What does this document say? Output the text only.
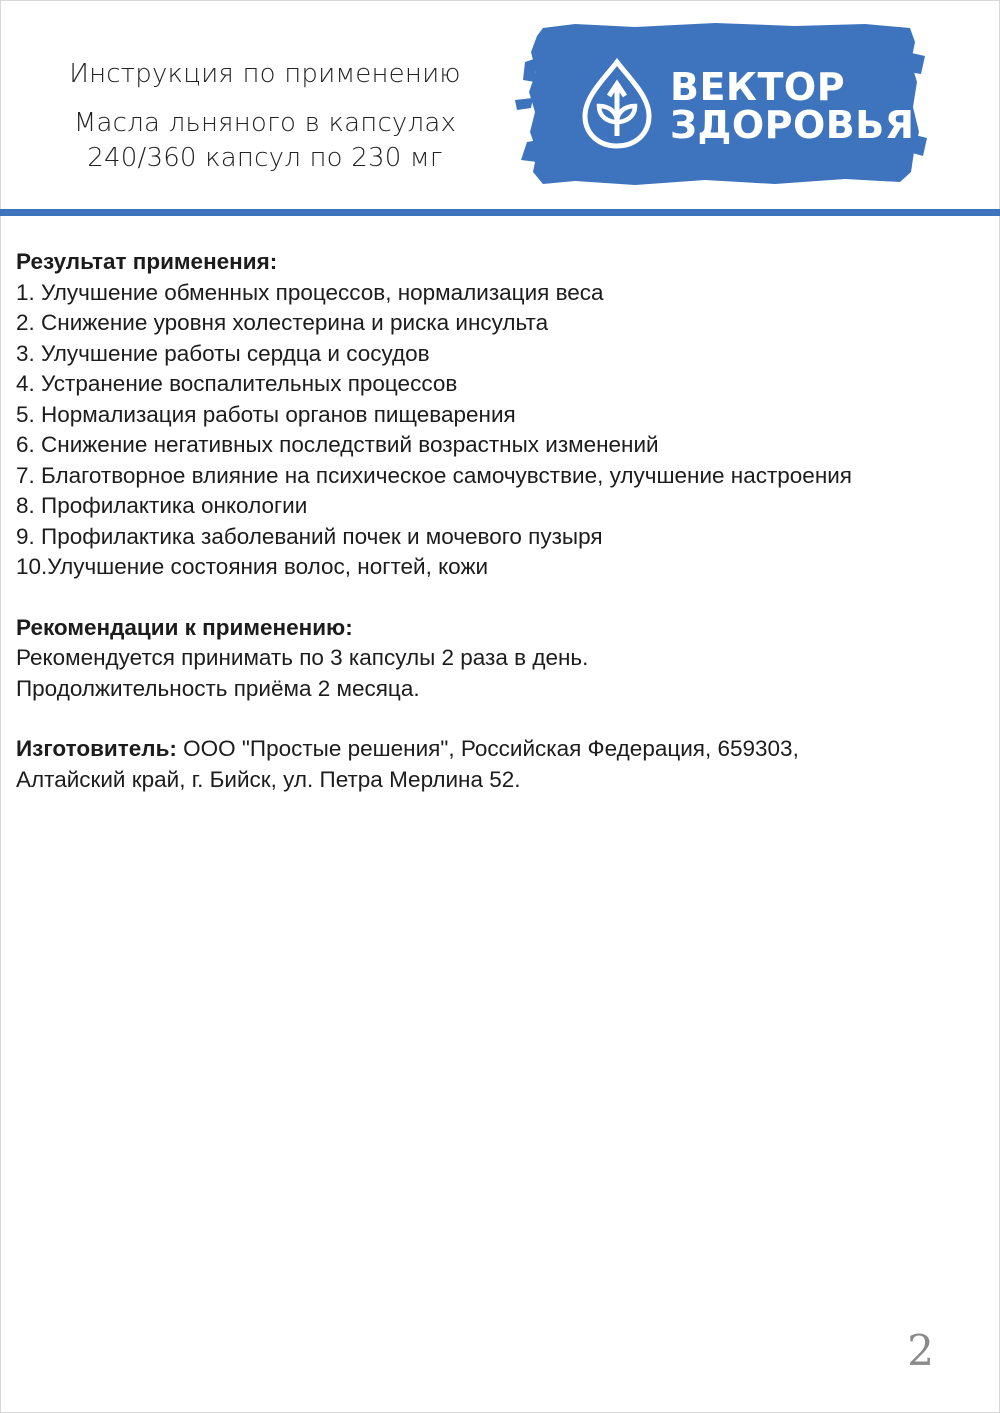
Инструкция по применению
Масла льняного в капсулах
240/360 капсул по 230 мг
ВЕКТОР
ЗДОРОВЬЯ
Результат применения:
1. Улучшение обменных процессов, нормализация веса
2. Снижение уровня холестерина и риска инсульта
3. Улучшение работы сердца и сосудов
4. Устранение воспалительных процессов
5. Нормализация работы органов пищеварения
6. Снижение негативных последствий возрастных изменений
7. Благотворное влияние на психическое самочувствие, улучшение настроения
8. Профилактика онкологии
9. Профилактика заболеваний почек и мочевого пузыря
10.Улучшение состояния волос, ногтей, кожи
Рекомендации к применению:
Рекомендуется принимать по 3 капсулы 2 раза в день.
Продолжительность приёма 2 месяца.
Изготовитель: ООО "Простые решения", Российская Федерация, 659303,
Алтайский край, г. Бийск, ул. Петра Мерлина 52.
2
